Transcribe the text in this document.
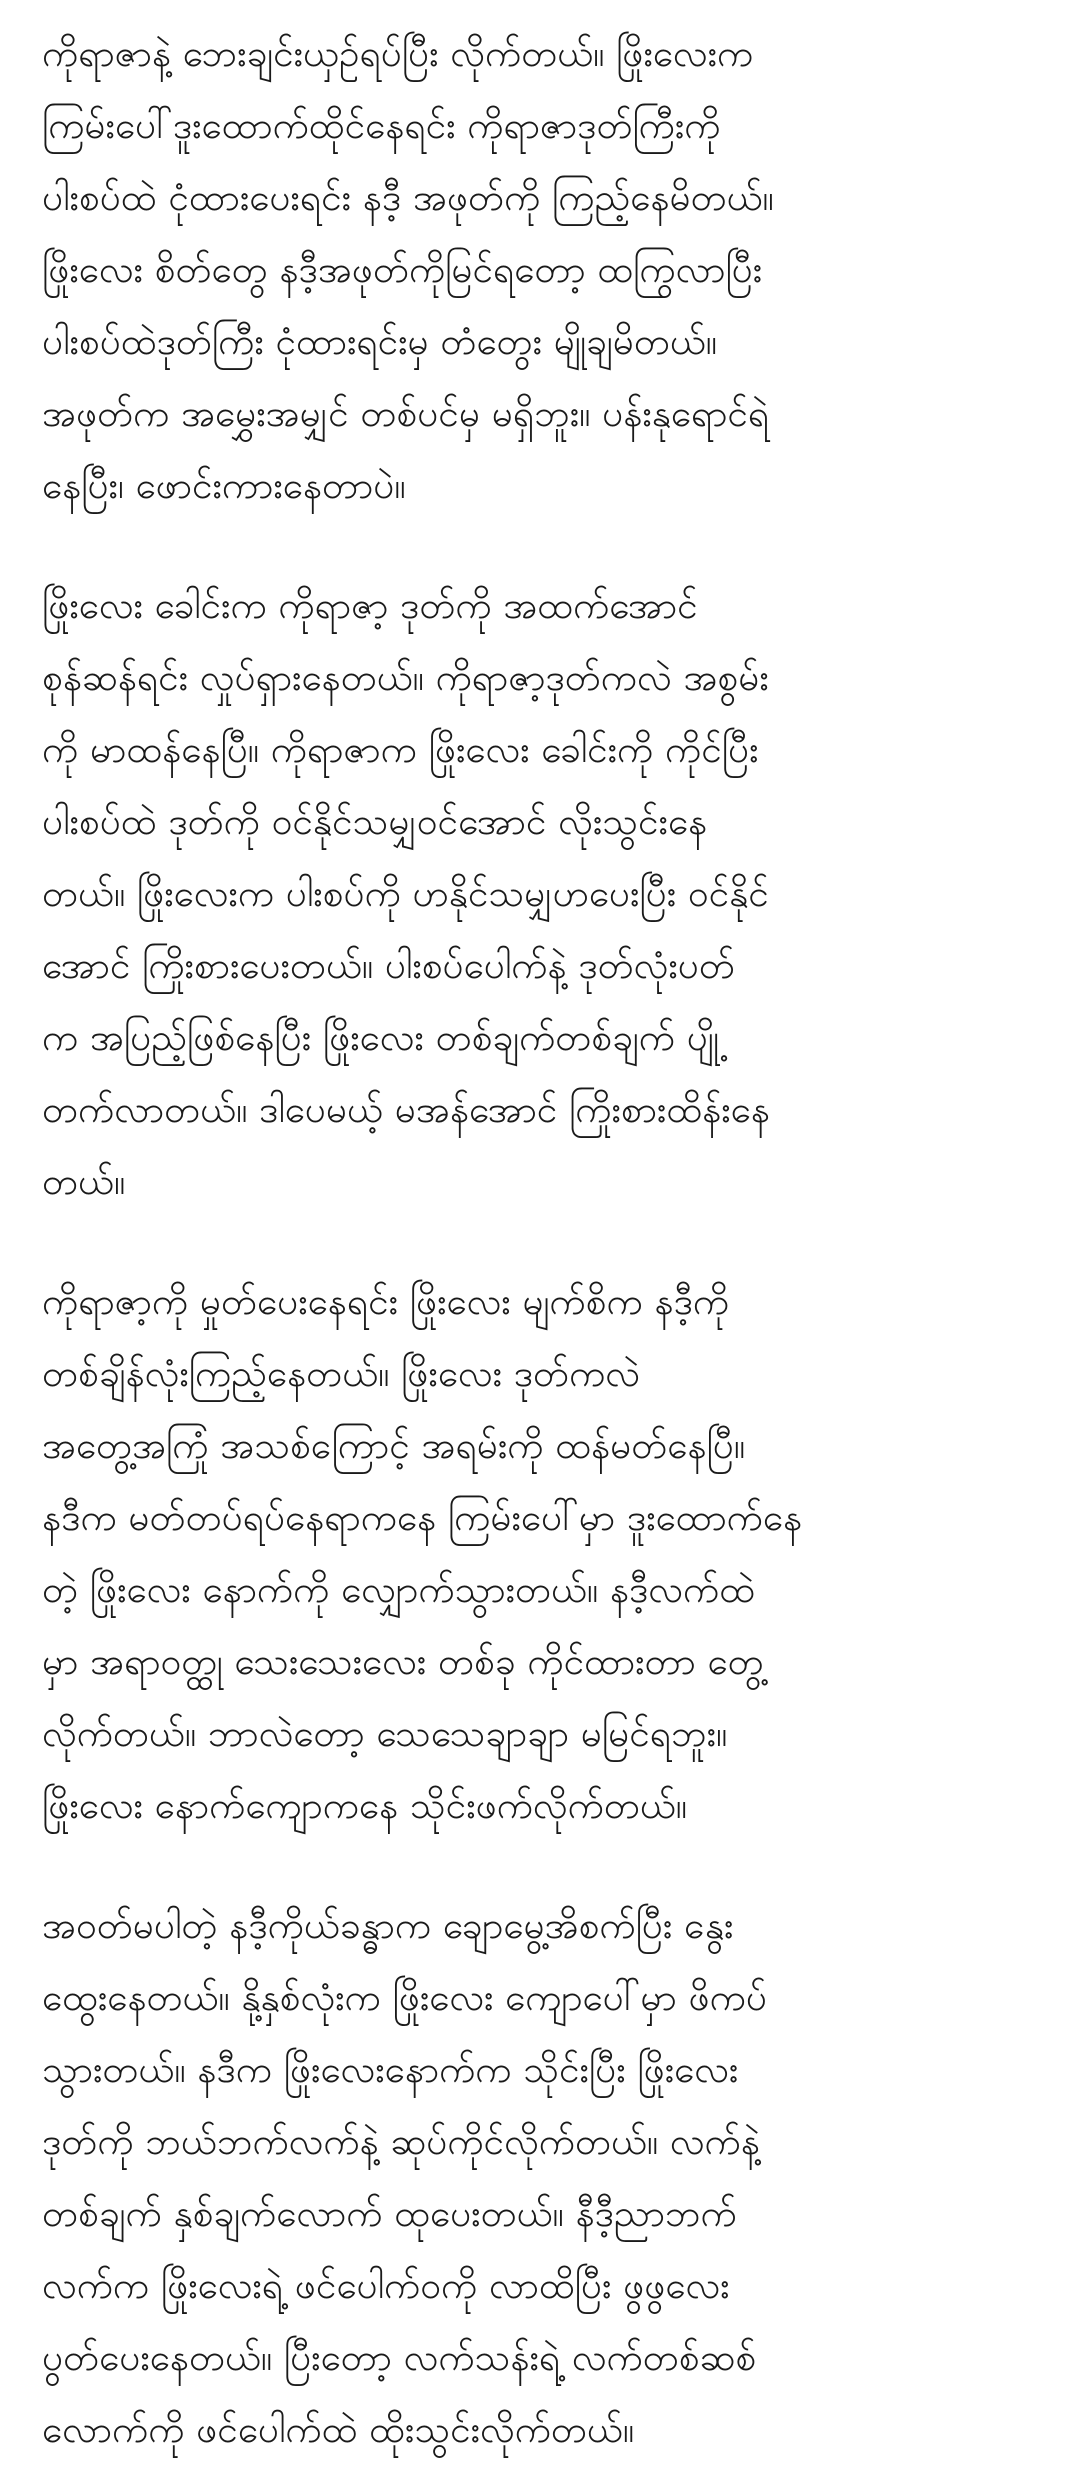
ကိုရာဇာနဲ့ ဘေးချင်းယှဉ်ရပ်ပြီး လိုက်တယ်။ ဖြိုးလေးက
ကြမ်းပေါ်ဒူးထောက်ထိုင်နေရင်း ကိုရာဇာဒုတ်ကြီးကို
ပါးစပ်ထဲ ငုံထားပေးရင်း နဒီ့ အဖုတ်ကို ကြည့်နေမိတယ်။
ဖြိုးလေး စိတ်တွေ နဒီ့အဖုတ်ကိုမြင်ရတော့ ထကြွလာပြီး
ပါးစပ်ထဲဒုတ်ကြီး ငုံထားရင်းမှ တံတွေး မျိုချမိတယ်။
အဖုတ်က အမွှေးအမျှင် တစ်ပင်မှ မရှိဘူး။ ပန်းနုရောင်ရဲ
နေပြီး၊ ဖောင်းကားနေတာပဲ။
ဖြိုးလေး ခေါင်းက ကိုရာဇာ့ ဒုတ်ကို အထက်အောင်
စုန်ဆန်ရင်း လှုပ်ရှားနေတယ်။ ကိုရာဇာ့ဒုတ်ကလဲ အစွမ်း
ကို မာထန်နေပြီ။ ကိုရာဇာက ဖြိုးလေး ခေါင်းကို ကိုင်ပြီး
ပါးစပ်ထဲ ဒုတ်ကို ဝင်နိုင်သမျှဝင်အောင် လိုးသွင်းနေ
တယ်။ ဖြိုးလေးက ပါးစပ်ကို ဟနိုင်သမျှဟပေးပြီး ဝင်နိုင်
အောင် ကြိုးစားပေးတယ်။ ပါးစပ်ပေါက်နဲ့ ဒုတ်လုံးပတ်
က အပြည့်ဖြစ်နေပြီး ဖြိုးလေး တစ်ချက်တစ်ချက် ပျို့
တက်လာတယ်။ ဒါပေမယ့် မအန်အောင် ကြိုးစားထိန်းနေ
တယ်။
ကိုရာဇာ့ကို မှုတ်ပေးနေရင်း ဖြိုးလေး မျက်စိက နဒီ့ကို
တစ်ချိန်လုံးကြည့်နေတယ်။ ဖြိုးလေး ဒုတ်ကလဲ
အတွေ့အကြုံ အသစ်ကြောင့် အရမ်းကို ထန်မတ်နေပြီ။
နဒီက မတ်တပ်ရပ်နေရာကနေ ကြမ်းပေါ်မှာ ဒူးထောက်နေ
တဲ့ ဖြိုးလေး နောက်ကို လျှောက်သွားတယ်။ နဒီ့လက်ထဲ
မှာ အရာဝတ္ထု သေးသေးလေး တစ်ခု ကိုင်ထားတာ တွေ့
လိုက်တယ်။ ဘာလဲတော့ သေသေချာချာ မမြင်ရဘူး။
ဖြိုးလေး နောက်ကျောကနေ သိုင်းဖက်လိုက်တယ်။
အဝတ်မပါတဲ့ နဒီ့ကိုယ်ခန္ဓာက ချောမွေ့အိစက်ပြီး နွေး
ထွေးနေတယ်။ နို့နှစ်လုံးက ဖြိုးလေး ကျောပေါ်မှာ ဖိကပ်
သွားတယ်။ နဒီက ဖြိုးလေးနောက်က သိုင်းပြီး ဖြိုးလေး
ဒုတ်ကို ဘယ်ဘက်လက်နဲ့ ဆုပ်ကိုင်လိုက်တယ်။ လက်နဲ့
တစ်ချက် နှစ်ချက်လောက် ထုပေးတယ်။ နီဒီ့ညာဘက်
လက်က ဖြိုးလေးရဲ့ ဖင်ပေါက်ဝကို လာထိပြီး ဖွဖွလေး
ပွတ်ပေးနေတယ်။ ပြီးတော့ လက်သန်းရဲ့ လက်တစ်ဆစ်
လောက်ကို ဖင်ပေါက်ထဲ ထိုးသွင်းလိုက်တယ်။
